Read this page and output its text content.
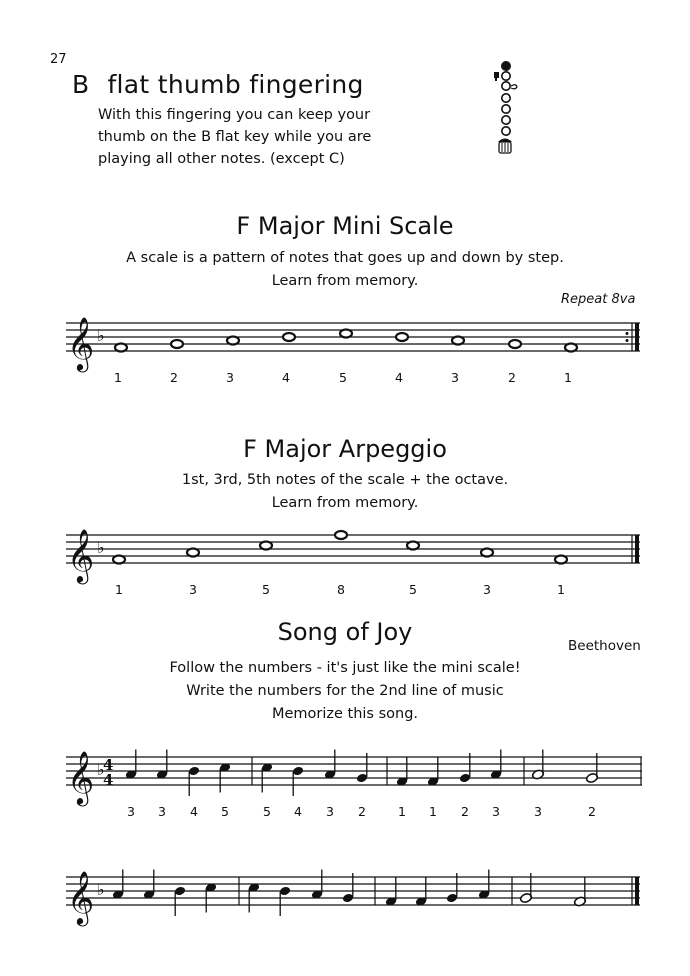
27
B flat thumb fingering
With this fingering you can keep your
thumb on the B flat key while you are
playing all other notes. (except C)
F Major Mini Scale
A scale is a pattern of notes that goes up and down by step.
Learn from memory.
Repeat 8va
𝄞 ♭
1	2	3	4	5	4	3	2	1
𝄞 ♭
1	3	5	8	5	3	1
𝄞 ♭
4
4
3 3 4 5	5 4 3 2	1 1 2 3	3	2
𝄞 ♭
F Major Arpeggio
1st, 3rd, 5th notes of the scale + the octave.
Learn from memory.
Song of Joy	Beethoven
Follow the numbers - it's just like the mini scale!
Write the numbers for the 2nd line of music
Memorize this song.
